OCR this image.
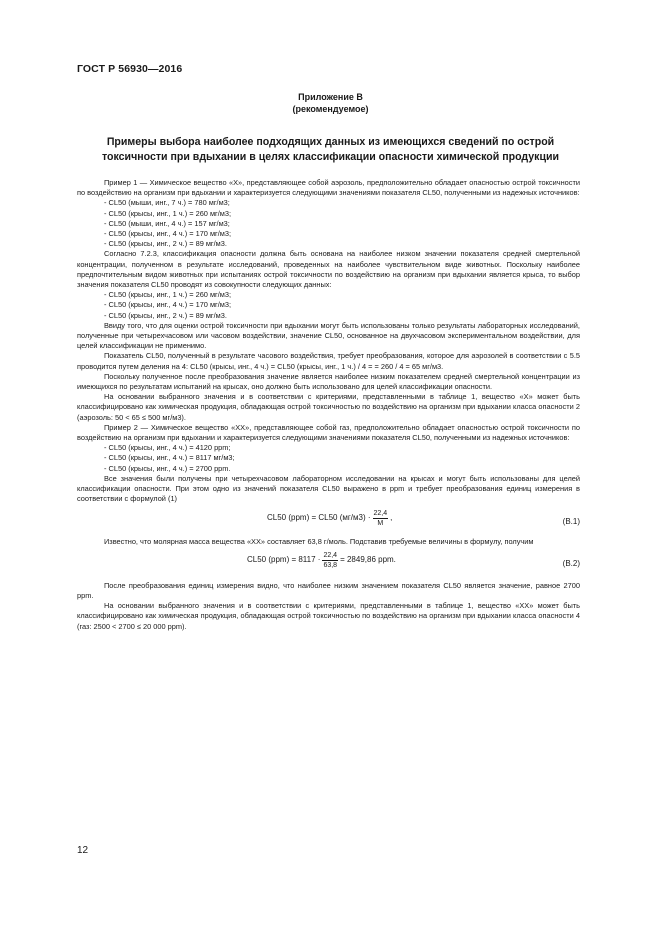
ГОСТ Р 56930—2016
Приложение В
(рекомендуемое)
Примеры выбора наиболее подходящих данных из имеющихся сведений по острой токсичности при вдыхании в целях классификации опасности химической продукции

Пример 1 — Химическое вещество «X», представляющее собой аэрозоль, предположительно обладает опасностью острой токсичности по воздействию на организм при вдыхании и характеризуется следующими значениями показателя CL50, полученными из надежных источников:

- CL50 (мыши, инг., 7 ч.) = 780 мг/м3;

- CL50 (крысы, инг., 1 ч.) = 260 мг/м3;

- CL50 (мыши, инг., 4 ч.) = 157 мг/м3;

- CL50 (крысы, инг., 4 ч.) = 170 мг/м3;

- CL50 (крысы, инг., 2 ч.) = 89 мг/м3.

Согласно 7.2.3, классификация опасности должна быть основана на наиболее низком значении показателя средней смертельной концентрации, полученном в результате исследований, проведенных на наиболее чувствительном виде животных. Поскольку наиболее предпочтительным видом животных при испытаниях острой токсичности по воздействию на организм при вдыхании является крыса, то выбор значения показателя CL50 проводят из совокупности следующих данных:

- CL50 (крысы, инг., 1 ч.) = 260 мг/м3;

- CL50 (крысы, инг., 4 ч.) = 170 мг/м3;

- CL50 (крысы, инг., 2 ч.) = 89 мг/м3.

Ввиду того, что для оценки острой токсичности при вдыхании могут быть использованы только результаты лабораторных исследований, полученные при четырехчасовом или часовом воздействии, значение CL50, основанное на двухчасовом экспериментальном воздействии, для целей классификации не применимо.

Показатель CL50, полученный в результате часового воздействия, требует преобразования, которое для аэрозолей в соответствии с 5.5 проводится путем деления на 4: CL50 (крысы, инг., 4 ч.) = CL50 (крысы, инг., 1 ч.) / 4 = = 260 / 4 = 65 мг/м3.

Поскольку полученное после преобразования значение является наиболее низким показателем средней смертельной концентрации из имеющихся по результатам испытаний на крысах, оно должно быть использовано для целей классификации опасности.

На основании выбранного значения и в соответствии с критериями, представленными в таблице 1, вещество «X» может быть классифицировано как химическая продукция, обладающая острой токсичностью по воздействию на организм при вдыхании класса опасности 2 (аэрозоль: 50 < 65 ≤ 500 мг/м3).

Пример 2 — Химическое вещество «XX», представляющее собой газ, предположительно обладает опасностью острой токсичности по воздействию на организм при вдыхании и характеризуется следующими значениями показателя CL50, полученными из надежных источников:

- CL50 (крысы, инг., 4 ч.) = 4120 ppm;

- CL50 (крысы, инг., 4 ч.) = 8117 мг/м3;

- CL50 (крысы, инг., 4 ч.) = 2700 ppm.

Все значения были получены при четырехчасовом лабораторном исследовании на крысах и могут быть использованы для целей классификации опасности. При этом одно из значений показателя CL50 выражено в ppm и требует преобразования единиц измерения в соответствии с формулой (1)

CL50 (ppm) = CL50 $(мг/м3) \cdot \frac{22,4}{M}$ ,	(B.1)

Известно, что молярная масса вещества «XX» составляет 63,8 г/моль. Подставив требуемые величины в формулу, получим

CL50 $(ppm) = 8117 \cdot \frac{22,4}{63,8} = 2849,86$ ppm.	(B.2)

После преобразования единиц измерения видно, что наиболее низким значением показателя CL50 является значение, равное 2700 ppm.

На основании выбранного значения и в соответствии с критериями, представленными в таблице 1, вещество «XX» может быть классифицировано как химическая продукция, обладающая острой токсичностью по воздействию на организм при вдыхании класса опасности 4 (газ: 2500 < 2700 ≤ 20 000 ppm).

12
